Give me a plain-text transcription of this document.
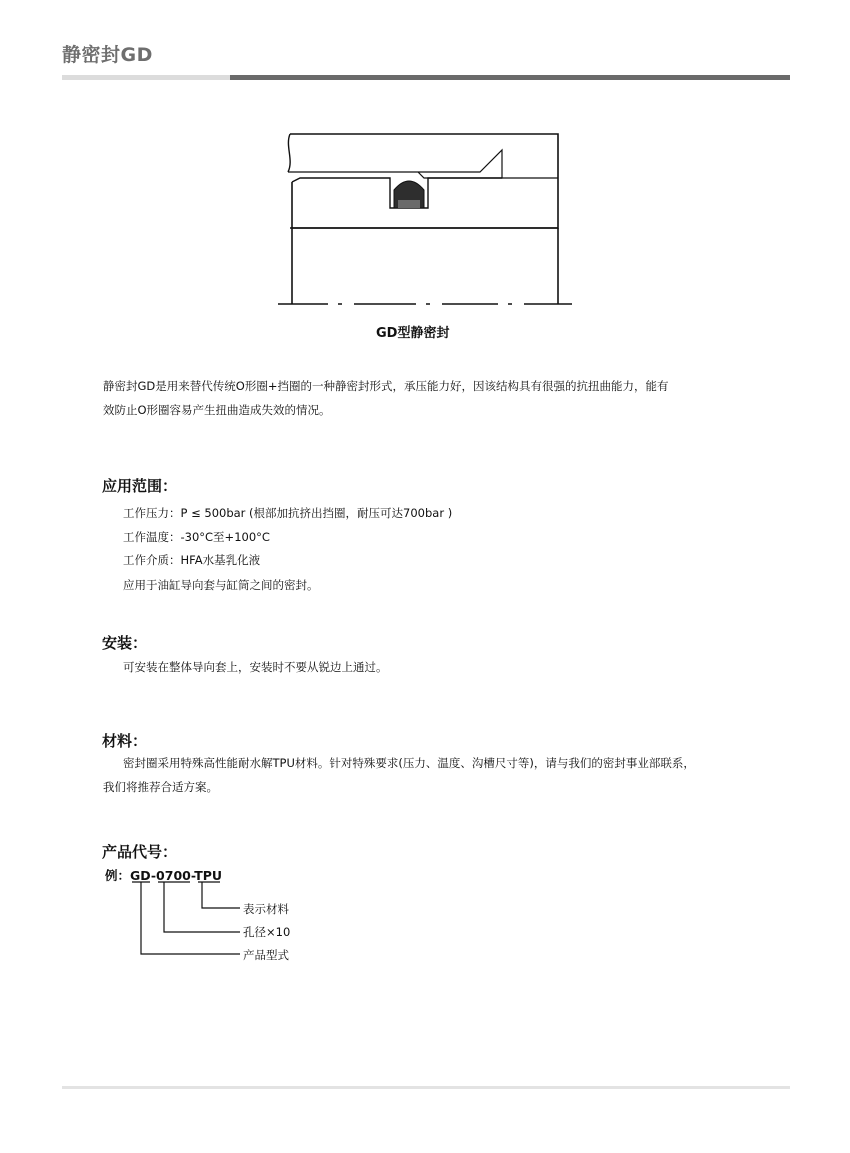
静密封GD
GD型静密封
静密封GD是用来替代传统O形圈+挡圈的一种静密封形式，承压能力好，因该结构具有很强的抗扭曲能力，能有
效防止O形圈容易产生扭曲造成失效的情况。
应用范围：
工作压力：P ≤ 500bar (根部加抗挤出挡圈，耐压可达700bar )
工作温度：-30°C至+100°C
工作介质：HFA水基乳化液
应用于油缸导向套与缸筒之间的密封。
安装：
可安装在整体导向套上，安装时不要从锐边上通过。
材料：
密封圈采用特殊高性能耐水解TPU材料。针对特殊要求(压力、温度、沟槽尺寸等)，请与我们的密封事业部联系，
我们将推荐合适方案。
产品代号：
例：GD-0700-TPU
表示材料
孔径×10
产品型式
